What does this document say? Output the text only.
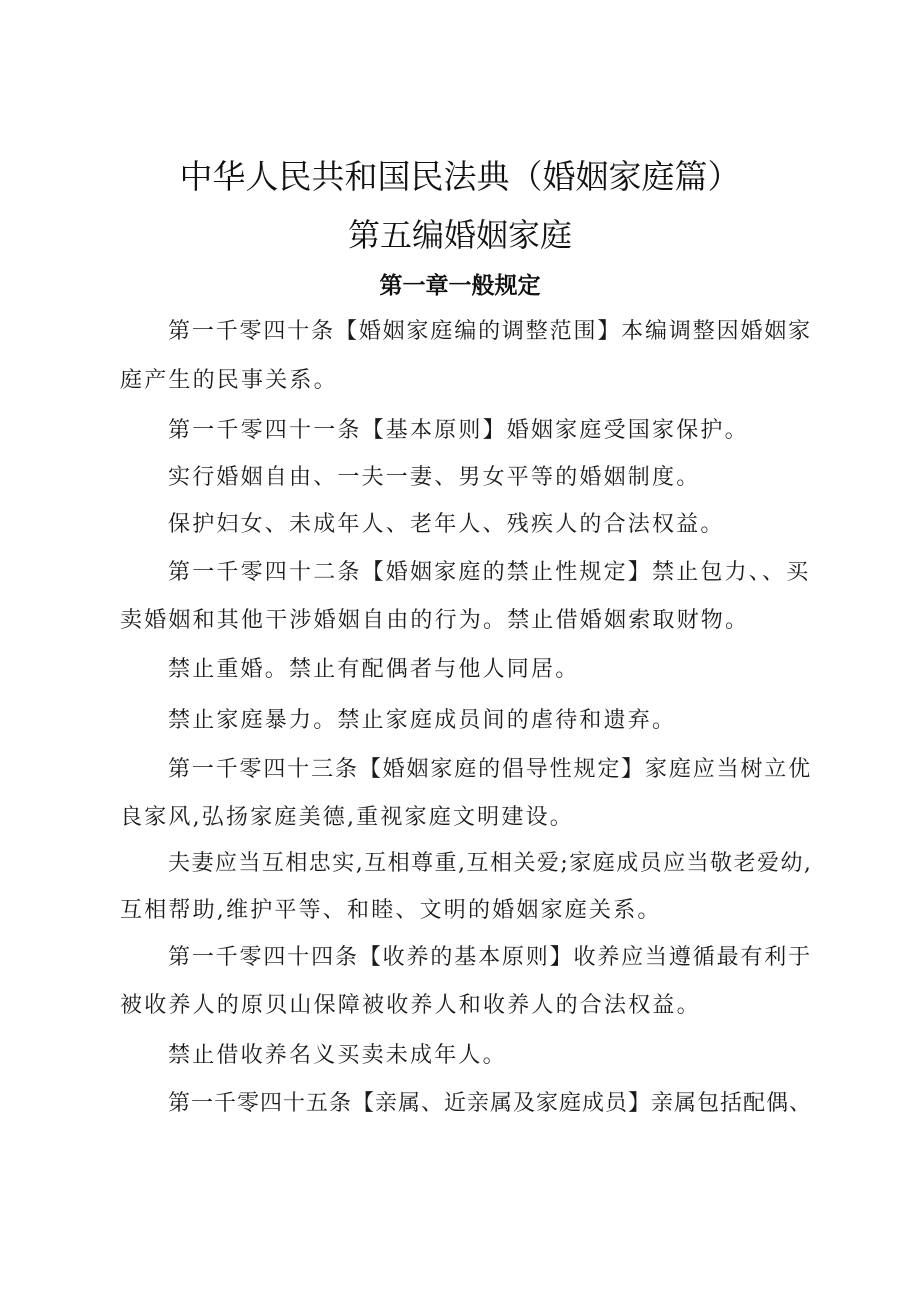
中华人民共和国民法典（婚姻家庭篇）
第五编婚姻家庭
第一章一般规定

第一千零四十条【婚姻家庭编的调整范围】本编调整因婚姻家

庭产生的民事关系。

第一千零四十一条【基本原则】婚姻家庭受国家保护。

实行婚姻自由、一夫一妻、男女平等的婚姻制度。

保护妇女、未成年人、老年人、残疾人的合法权益。

第一千零四十二条【婚姻家庭的禁止性规定】禁止包力、、买

卖婚姻和其他干涉婚姻自由的行为。禁止借婚姻索取财物。

禁止重婚。禁止有配偶者与他人同居。

禁止家庭暴力。禁止家庭成员间的虐待和遗弃。

第一千零四十三条【婚姻家庭的倡导性规定】家庭应当树立优

良家风,弘扬家庭美德,重视家庭文明建设。

夫妻应当互相忠实,互相尊重,互相关爱;家庭成员应当敬老爱幼,

互相帮助,维护平等、和睦、文明的婚姻家庭关系。

第一千零四十四条【收养的基本原则】收养应当遵循最有利于

被收养人的原贝山保障被收养人和收养人的合法权益。

禁止借收养名义买卖未成年人。

第一千零四十五条【亲属、近亲属及家庭成员】亲属包括配偶、
